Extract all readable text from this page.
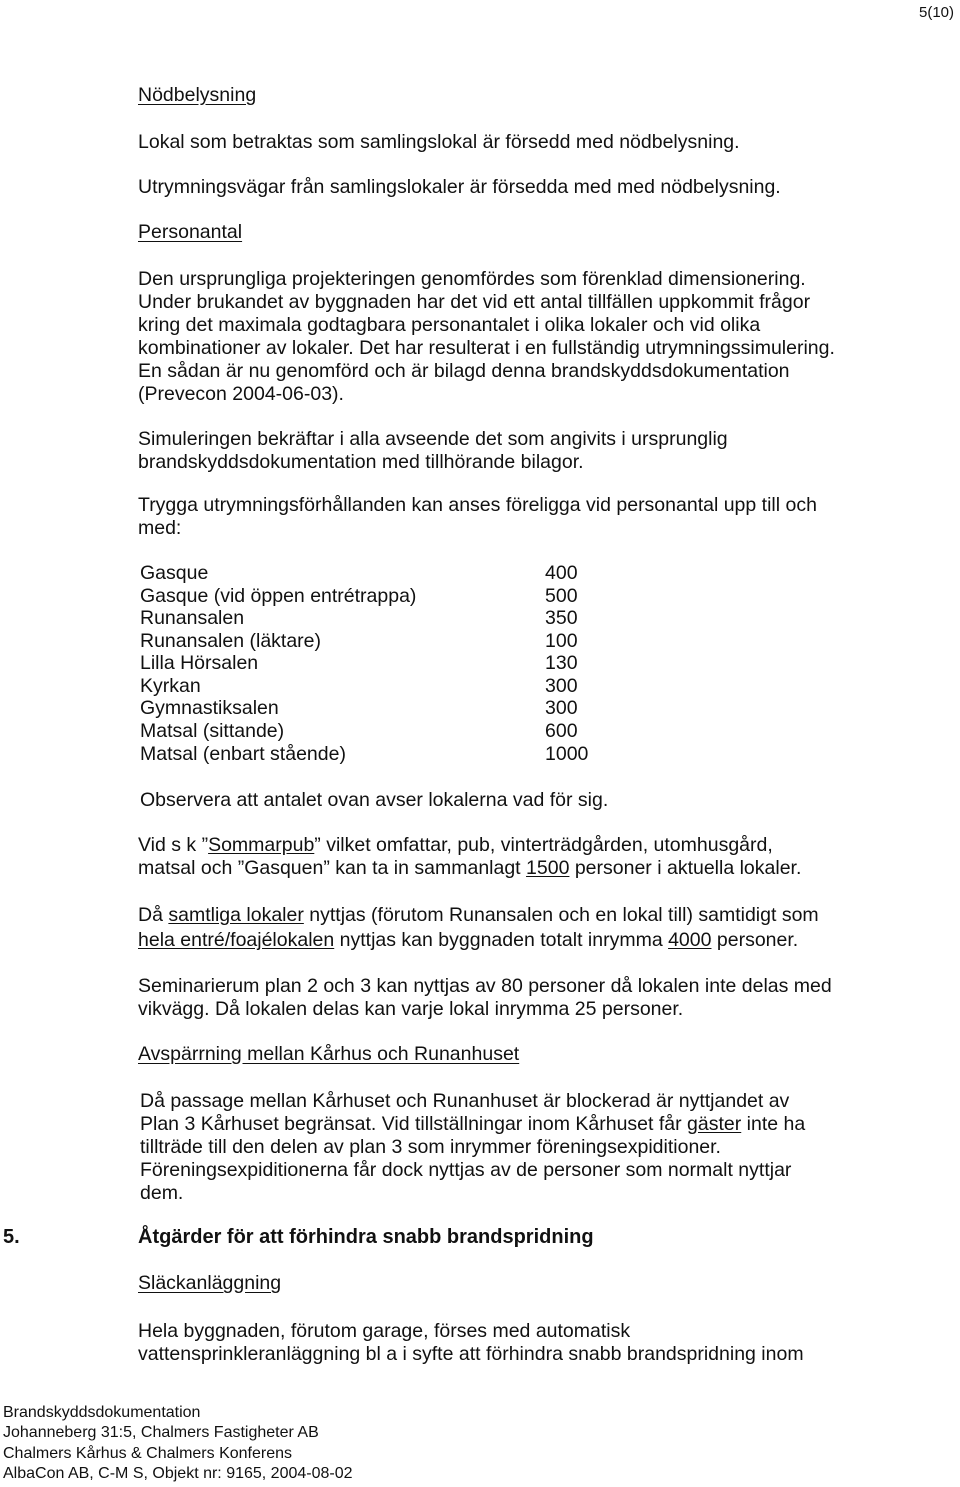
5(10)
Nödbelysning
Lokal som betraktas som samlingslokal är försedd med nödbelysning.
Utrymningsvägar från samlingslokaler är försedda med med nödbelysning.
Personantal
Den ursprungliga projekteringen genomfördes som förenklad dimensionering.
Under brukandet av byggnaden har det vid ett antal tillfällen uppkommit frågor
kring det maximala godtagbara personantalet i olika lokaler och vid olika
kombinationer av lokaler. Det har resulterat i en fullständig utrymningssimulering.
En sådan är nu genomförd och är bilagd denna brandskyddsdokumentation
(Prevecon 2004-06-03).
Simuleringen bekräftar i alla avseende det som angivits i ursprunglig
brandskyddsdokumentation med tillhörande bilagor.
Trygga utrymningsförhållanden kan anses föreligga vid personantal upp till och
med:
Gasque	400
Gasque (vid öppen entrétrappa)	500
Runansalen	350
Runansalen (läktare)	100
Lilla Hörsalen	130
Kyrkan	300
Gymnastiksalen	300
Matsal (sittande)	600
Matsal (enbart stående)	1000
Observera att antalet ovan avser lokalerna vad för sig.
Vid s k ”Sommarpub” vilket omfattar, pub, vinterträdgården, utomhusgård,
matsal och ”Gasquen” kan ta in sammanlagt 1500 personer i aktuella lokaler.
Då samtliga lokaler nyttjas (förutom Runansalen och en lokal till) samtidigt som
hela entré/foajélokalen nyttjas kan byggnaden totalt inrymma 4000 personer.
Seminarierum plan 2 och 3 kan nyttjas av 80 personer då lokalen inte delas med
vikvägg. Då lokalen delas kan varje lokal inrymma 25 personer.
Avspärrning mellan Kårhus och Runanhuset
Då passage mellan Kårhuset och Runanhuset är blockerad är nyttjandet av
Plan 3 Kårhuset begränsat. Vid tillställningar inom Kårhuset får gäster inte ha
tillträde till den delen av plan 3 som inrymmer föreningsexpiditioner.
Föreningsexpiditionerna får dock nyttjas av de personer som normalt nyttjar
dem.
5.	Åtgärder för att förhindra snabb brandspridning
Släckanläggning
Hela byggnaden, förutom garage, förses med automatisk
vattensprinkleranläggning bl a i syfte att förhindra snabb brandspridning inom
Brandskyddsdokumentation
Johanneberg 31:5, Chalmers Fastigheter AB
Chalmers Kårhus & Chalmers Konferens
AlbaCon AB, C-M S, Objekt nr: 9165, 2004-08-02
